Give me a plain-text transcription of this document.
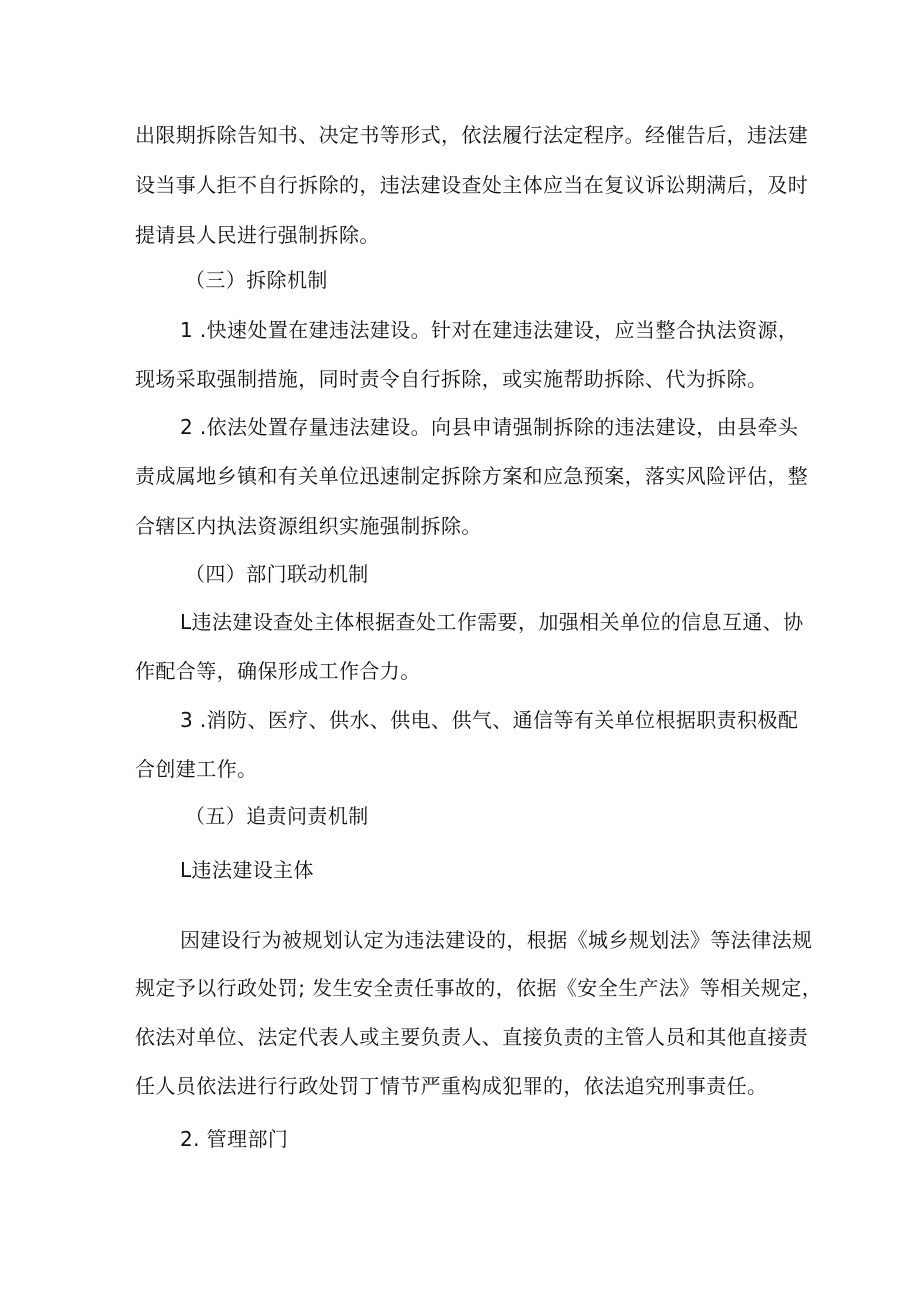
出限期拆除告知书、决定书等形式，依法履行法定程序。经催告后，违法建
设当事人拒不自行拆除的，违法建设查处主体应当在复议诉讼期满后，及时
提请县人民进行强制拆除。
（三）拆除机制
1 .快速处置在建违法建设。针对在建违法建设，应当整合执法资源，
现场采取强制措施，同时责令自行拆除，或实施帮助拆除、代为拆除。
2 .依法处置存量违法建设。向县申请强制拆除的违法建设，由县牵头
责成属地乡镇和有关单位迅速制定拆除方案和应急预案，落实风险评估，整
合辖区内执法资源组织实施强制拆除。
（四）部门联动机制
L违法建设查处主体根据查处工作需要，加强相关单位的信息互通、协
作配合等，确保形成工作合力。
3 .消防、医疗、供水、供电、供气、通信等有关单位根据职责积极配
合创建工作。
（五）追责问责机制
L违法建设主体
因建设行为被规划认定为违法建设的，根据《城乡规划法》等法律法规
规定予以行政处罚; 发生安全责任事故的，依据《安全生产法》等相关规定，
依法对单位、法定代表人或主要负责人、直接负责的主管人员和其他直接责
任人员依法进行行政处罚丁情节严重构成犯罪的，依法追究刑事责任。
2. 管理部门
